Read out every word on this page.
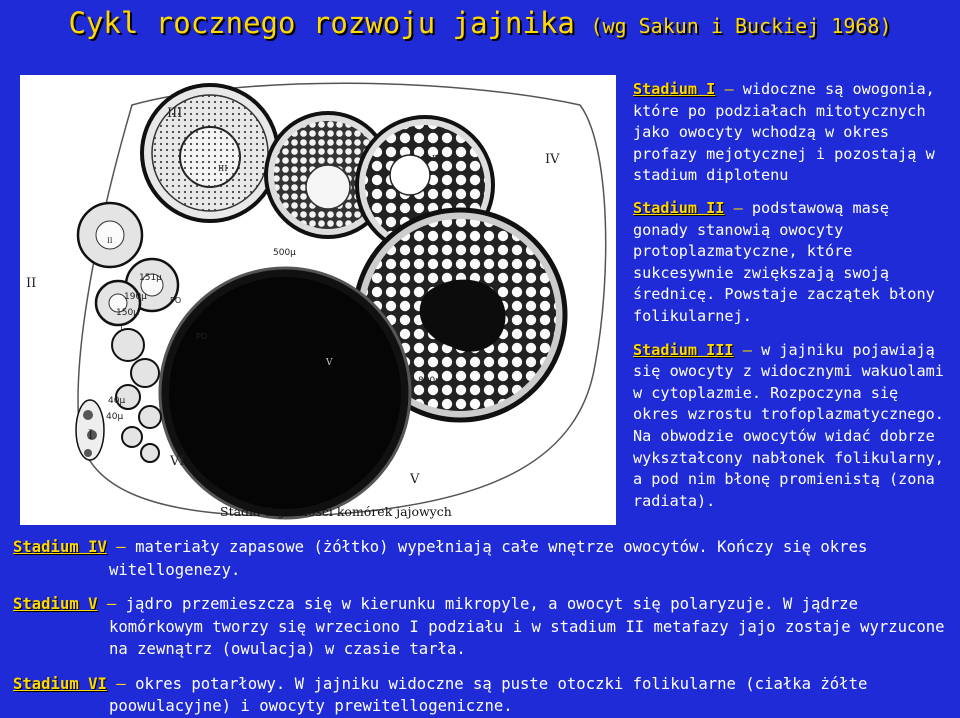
Cykl rocznego rozwoju jajnika (wg Sakun i Buckiej 1968)
III
IV
II
I
VI
V
IV
III
II
I
V
500μ
151μ
190μ
150μ
40μ
40μ
800μ
PO
PO
Stadia dojrzałości komórek jajowych

Stadium I – widoczne są owogonia, które po podziałach mitotycznych jako owocyty wchodzą w okres profazy mejotycznej i pozostają w stadium diplotenu

Stadium II – podstawową masę gonady stanowią owocyty protoplazmatyczne, które sukcesywnie zwiększają swoją średnicę. Powstaje zaczątek błony folikularnej.

Stadium III – w jajniku pojawiają się owocyty z widocznymi wakuolami w cytoplazmie. Rozpoczyna się okres wzrostu trofoplazmatycznego. Na obwodzie owocytów widać dobrze wykształcony nabłonek folikularny, a pod nim błonę promienistą (zona radiata).

Stadium IV – materiały zapasowe (żółtko) wypełniają całe wnętrze owocytów. Kończy się okres witellogenezy.

Stadium V – jądro przemieszcza się w kierunku mikropyle, a owocyt się polaryzuje. W jądrze komórkowym tworzy się wrzeciono I podziału i w stadium II metafazy jajo zostaje wyrzucone na zewnątrz (owulacja) w czasie tarła.

Stadium VI – okres potarłowy. W jajniku widoczne są puste otoczki folikularne (ciałka żółte poowulacyjne) i owocyty prewitellogeniczne.
